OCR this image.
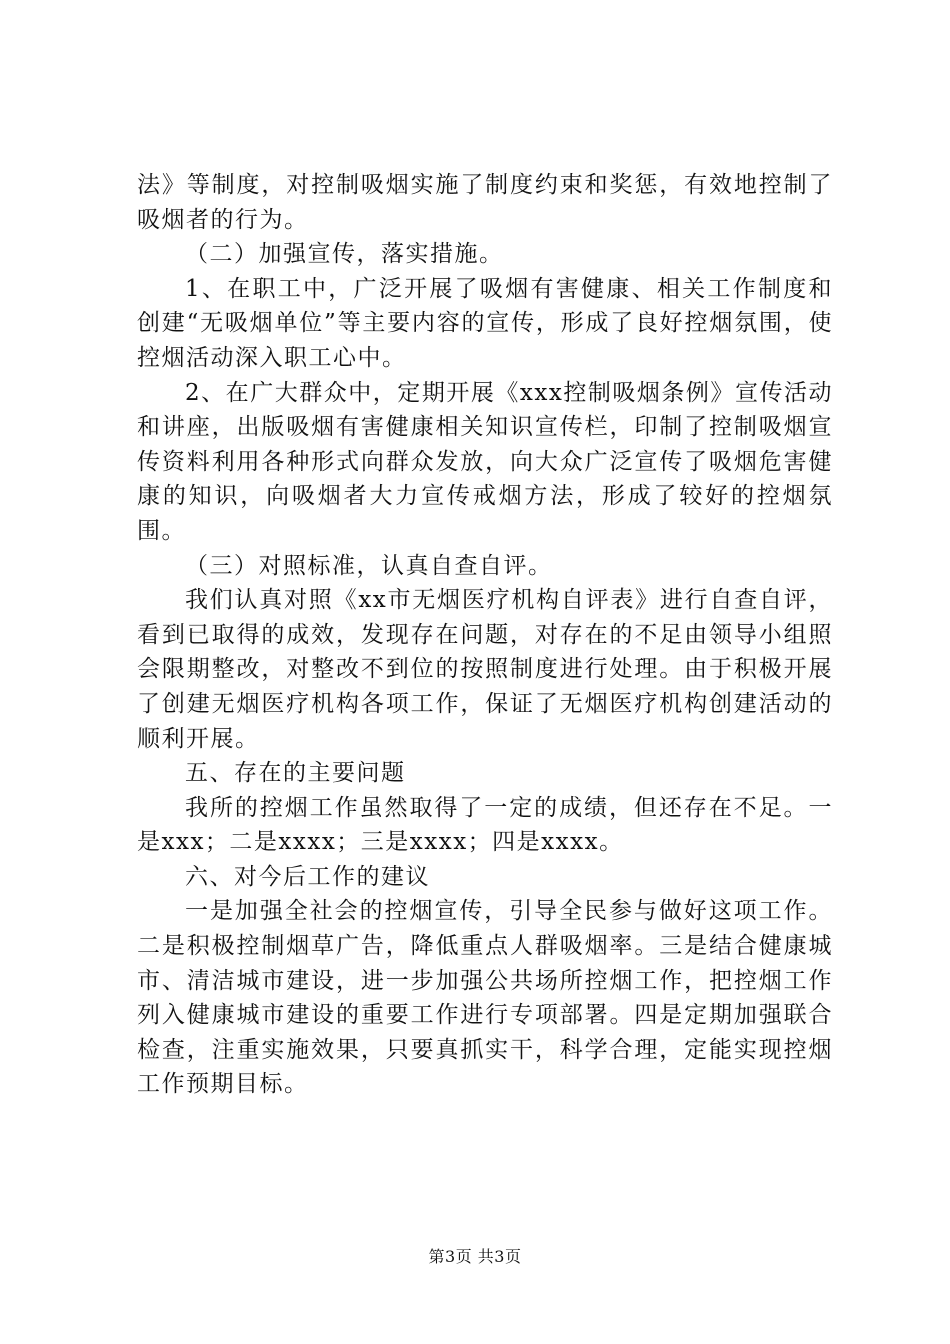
法》等制度，对控制吸烟实施了制度约束和奖惩，有效地控制了吸烟者的行为。

（二）加强宣传，落实措施。

1、在职工中，广泛开展了吸烟有害健康、相关工作制度和创建“无吸烟单位”等主要内容的宣传，形成了良好控烟氛围，使控烟活动深入职工心中。

2、在广大群众中，定期开展《xxx控制吸烟条例》宣传活动和讲座，出版吸烟有害健康相关知识宣传栏，印制了控制吸烟宣传资料利用各种形式向群众发放，向大众广泛宣传了吸烟危害健康的知识，向吸烟者大力宣传戒烟方法，形成了较好的控烟氛围。

（三）对照标准，认真自查自评。

我们认真对照《xx市无烟医疗机构自评表》进行自查自评，看到已取得的成效，发现存在问题，对存在的不足由领导小组照会限期整改，对整改不到位的按照制度进行处理。由于积极开展了创建无烟医疗机构各项工作，保证了无烟医疗机构创建活动的顺利开展。

五、存在的主要问题

我所的控烟工作虽然取得了一定的成绩，但还存在不足。一是xxx；二是xxxx；三是xxxx；四是xxxx。

六、对今后工作的建议

一是加强全社会的控烟宣传，引导全民参与做好这项工作。二是积极控制烟草广告，降低重点人群吸烟率。三是结合健康城市、清洁城市建设，进一步加强公共场所控烟工作，把控烟工作列入健康城市建设的重要工作进行专项部署。四是定期加强联合检查，注重实施效果，只要真抓实干，科学合理，定能实现控烟工作预期目标。

第3页 共3页
